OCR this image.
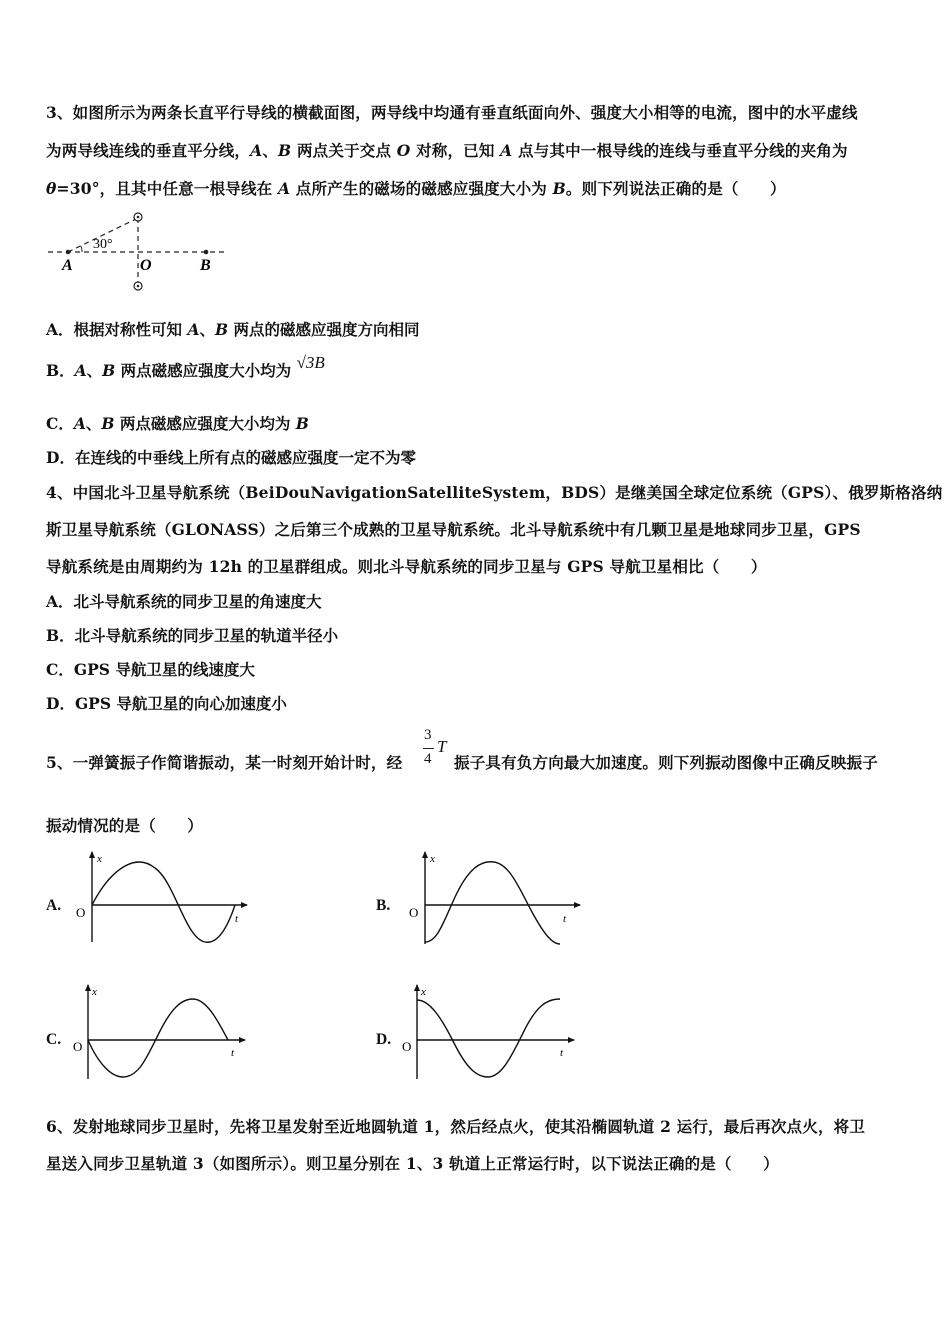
3、如图所示为两条长直平行导线的横截面图，两导线中均通有垂直纸面向外、强度大小相等的电流，图中的水平虚线
为两导线连线的垂直平分线，A、B 两点关于交点 O 对称，已知 A 点与其中一根导线的连线与垂直平分线的夹角为
θ=30°，且其中任意一根导线在 A 点所产生的磁场的磁感应强度大小为 B。则下列说法正确的是（　　）
30°
A	O	B
A．根据对称性可知 A、B 两点的磁感应强度方向相同
B．A、B 两点磁感应强度大小均为 √3B
C．A、B 两点磁感应强度大小均为 B
D．在连线的中垂线上所有点的磁感应强度一定不为零
4、中国北斗卫星导航系统（BeiDouNavigationSatelliteSystem，BDS）是继美国全球定位系统（GPS）、俄罗斯格洛纳
斯卫星导航系统（GLONASS）之后第三个成熟的卫星导航系统。北斗导航系统中有几颗卫星是地球同步卫星，GPS
导航系统是由周期约为 12h 的卫星群组成。则北斗导航系统的同步卫星与 GPS 导航卫星相比（　　）
A．北斗导航系统的同步卫星的角速度大
B．北斗导航系统的同步卫星的轨道半径小
C．GPS 导航卫星的线速度大
D．GPS 导航卫星的向心加速度小
5、一弹簧振子作简谐振动，某一时刻开始计时，经
3
4
T
振子具有负方向最大加速度。则下列振动图像中正确反映振子
振动情况的是（　　）
A.
x
t
O	B.
x
t
O
C.
x
t
O	D.
x
t
O
6、发射地球同步卫星时，先将卫星发射至近地圆轨道 1，然后经点火，使其沿椭圆轨道 2 运行，最后再次点火，将卫
星送入同步卫星轨道 3（如图所示）。则卫星分别在 1、3 轨道上正常运行时，以下说法正确的是（　　）
